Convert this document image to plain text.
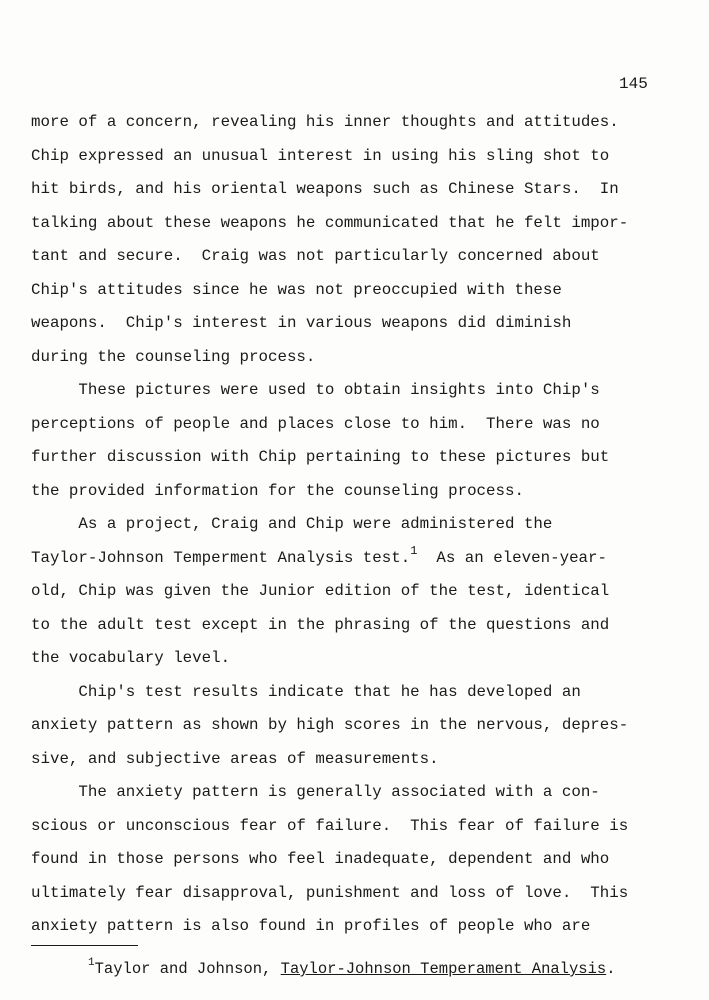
145
more of a concern, revealing his inner thoughts and attitudes.
Chip expressed an unusual interest in using his sling shot to
hit birds, and his oriental weapons such as Chinese Stars.  In
talking about these weapons he communicated that he felt impor-
tant and secure.  Craig was not particularly concerned about
Chip's attitudes since he was not preoccupied with these
weapons.  Chip's interest in various weapons did diminish
during the counseling process.
These pictures were used to obtain insights into Chip's
perceptions of people and places close to him.  There was no
further discussion with Chip pertaining to these pictures but
the provided information for the counseling process.
As a project, Craig and Chip were administered the
Taylor-Johnson Temperment Analysis test.$^1$  As an eleven-year-
old, Chip was given the Junior edition of the test, identical
to the adult test except in the phrasing of the questions and
the vocabulary level.
Chip's test results indicate that he has developed an
anxiety pattern as shown by high scores in the nervous, depres-
sive, and subjective areas of measurements.
The anxiety pattern is generally associated with a con-
scious or unconscious fear of failure.  This fear of failure is
found in those persons who feel inadequate, dependent and who
ultimately fear disapproval, punishment and loss of love.  This
anxiety pattern is also found in profiles of people who are
$^1$Taylor and Johnson, Taylor-Johnson Temperament Analysis.
